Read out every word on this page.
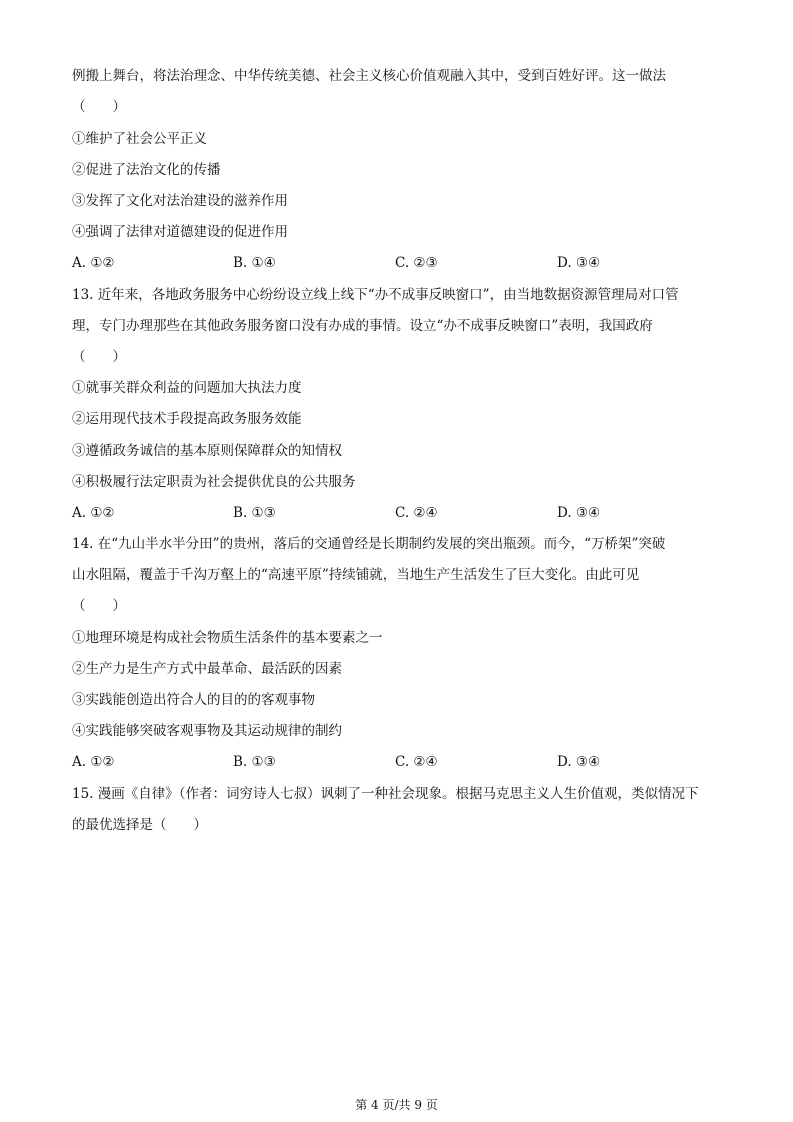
例搬上舞台，将法治理念、中华传统美德、社会主义核心价值观融入其中，受到百姓好评。这一做法
（　　）
①维护了社会公平正义
②促进了法治文化的传播
③发挥了文化对法治建设的滋养作用
④强调了法律对道德建设的促进作用
A. ①②	B. ①④	C. ②③	D. ③④
13. 近年来，各地政务服务中心纷纷设立线上线下“办不成事反映窗口”，由当地数据资源管理局对口管
理，专门办理那些在其他政务服务窗口没有办成的事情。设立“办不成事反映窗口”表明，我国政府
（　　）
①就事关群众利益的问题加大执法力度
②运用现代技术手段提高政务服务效能
③遵循政务诚信的基本原则保障群众的知情权
④积极履行法定职责为社会提供优良的公共服务
A. ①②	B. ①③	C. ②④	D. ③④
14. 在“九山半水半分田”的贵州，落后的交通曾经是长期制约发展的突出瓶颈。而今，“万桥架”突破
山水阻隔，覆盖于千沟万壑上的“高速平原”持续铺就，当地生产生活发生了巨大变化。由此可见
（　　）
①地理环境是构成社会物质生活条件的基本要素之一
②生产力是生产方式中最革命、最活跃的因素
③实践能创造出符合人的目的的客观事物
④实践能够突破客观事物及其运动规律的制约
A. ①②	B. ①③	C. ②④	D. ③④
15. 漫画《自律》（作者：词穷诗人七叔）讽刺了一种社会现象。根据马克思主义人生价值观，类似情况下
的最优选择是（　　）
第 4 页/共 9 页
